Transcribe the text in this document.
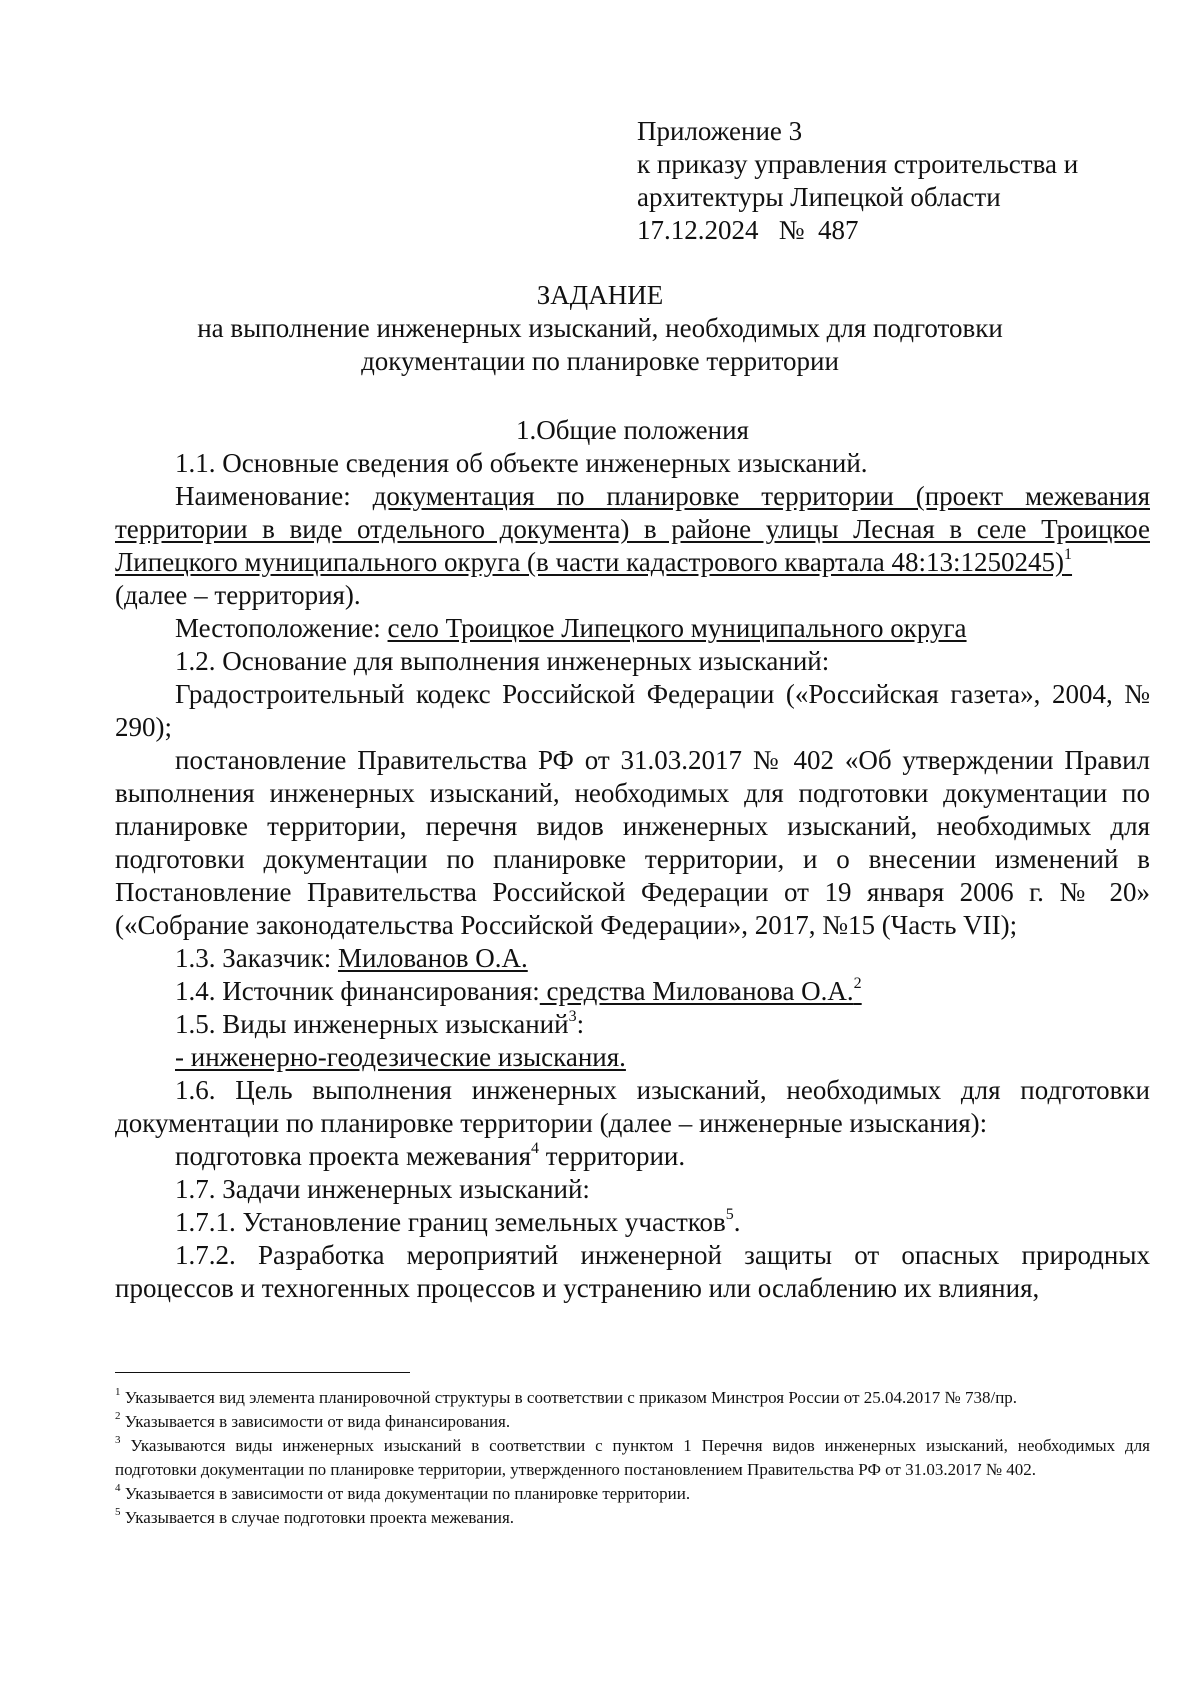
Приложение 3
к приказу управления строительства и
архитектуры Липецкой области
17.12.2024   №  487
ЗАДАНИЕ
на выполнение инженерных изысканий, необходимых для подготовки
документации по планировке территории

1.Общие положения

1.1. Основные сведения об объекте инженерных изысканий.

Наименование: документация по планировке территории (проект межевания территории в виде отдельного документа) в районе улицы Лесная в селе Троицкое Липецкого муниципального округа (в части кадастрового квартала 48:13:1250245)$^1$

(далее – территория).

Местоположение: село Троицкое Липецкого муниципального округа

1.2. Основание для выполнения инженерных изысканий:

Градостроительный кодекс Российской Федерации («Российская газета», 2004, № 290);

постановление Правительства РФ от 31.03.2017 № 402 «Об утверждении Правил выполнения инженерных изысканий, необходимых для подготовки документации по планировке территории, перечня видов инженерных изысканий, необходимых для подготовки документации по планировке территории, и о внесении изменений в Постановление Правительства Российской Федерации от 19 января 2006 г. № 20» («Собрание законодательства Российской Федерации», 2017, №15 (Часть VII);

1.3. Заказчик: Милованов О.А.

1.4. Источник финансирования: средства Милованова О.А.$^2$

1.5. Виды инженерных изысканий$^3$:

- инженерно-геодезические изыскания.

1.6. Цель выполнения инженерных изысканий, необходимых для подготовки документации по планировке территории (далее – инженерные изыскания):

подготовка проекта межевания$^4$ территории.

1.7. Задачи инженерных изысканий:

1.7.1. Установление границ земельных участков$^5$.

1.7.2. Разработка мероприятий инженерной защиты от опасных природных процессов и техногенных процессов и устранению или ослаблению их влияния,

$^1$ Указывается вид элемента планировочной структуры в соответствии с приказом Минстроя России от 25.04.2017 № 738/пр.

$^2$ Указывается в зависимости от вида финансирования.

$^3$ Указываются виды инженерных изысканий в соответствии с пунктом 1 Перечня видов инженерных изысканий, необходимых для подготовки документации по планировке территории, утвержденного постановлением Правительства РФ от 31.03.2017 № 402.

$^4$ Указывается в зависимости от вида документации по планировке территории.

$^5$ Указывается в случае подготовки проекта межевания.
